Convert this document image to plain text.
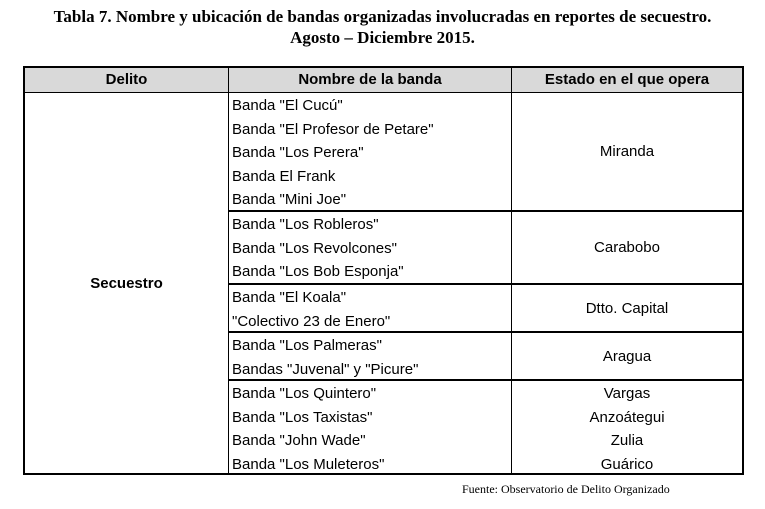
Tabla 7. Nombre y ubicación de bandas organizadas involucradas en reportes de secuestro.
Agosto – Diciembre 2015.
Delito	Nombre de la banda	Estado en el que opera
Secuestro
Banda "El Cucú"
Banda "El Profesor de Petare"
Banda "Los Perera"
Banda El Frank
Banda "Mini Joe"
Miranda
Banda "Los Robleros"
Banda "Los Revolcones"
Banda "Los Bob Esponja"
Carabobo
Banda "El Koala"
"Colectivo 23 de Enero"
Dtto. Capital
Banda "Los Palmeras"
Bandas "Juvenal" y "Picure"
Aragua
Banda "Los Quintero"
Banda "Los Taxistas"
Banda "John Wade"
Banda "Los Muleteros"
Vargas
Anzoátegui
Zulia
Guárico
Fuente: Observatorio de Delito Organizado
